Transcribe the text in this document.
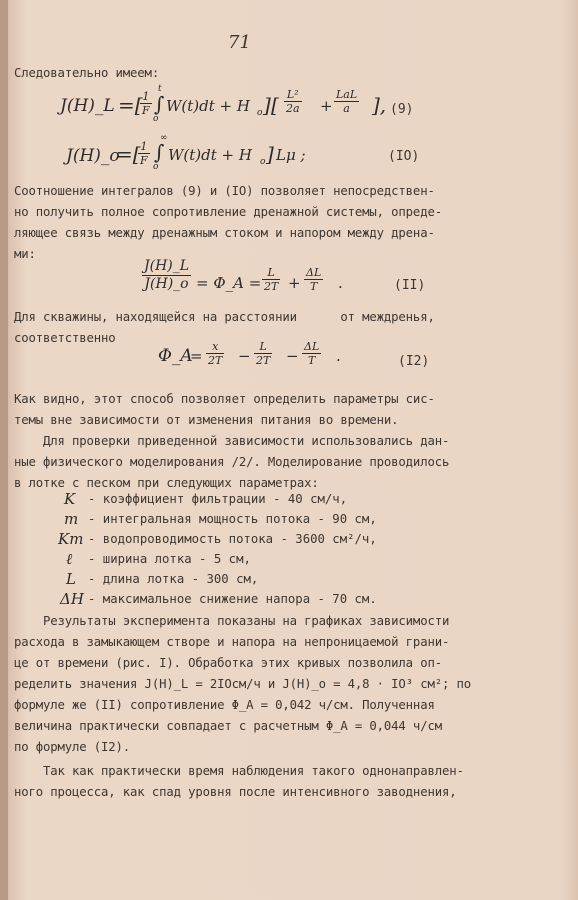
71
Следовательно имеем:
J(H)_L =[
$\frac{1}{F}$
t
∫
o
W(t)dt + H o ] [ $\frac{\text{L²}}{2a}$ +
LaL
a	], (9)
J(H)_o
=[
$\frac{1}{F}$
∞
∫
o
W(t)dt + H o ] Lμ ;	(IO)
Соотношение интегралов (9) и (IO) позволяет непосредствен-
но получить полное сопротивление дренажной системы, опреде-
ляющее связь между дренажным стоком и напором между дрена-
ми:
$\frac{J(H)\_L}{J(H)\_o}$ = Φ_A = $\frac{L}{2T} + \frac{\Delta L}{T}$ .	(II)
Для скважины, находящейся на расстоянии      от междренья,
соответственно
Φ_A
= $\frac{x}{2T} - \frac{L}{2T} - \frac{\Delta L}{T}$ .	(I2)
Как видно, этот способ позволяет определить параметры сис-
темы вне зависимости от изменения питания во времени.
Для проверки приведенной зависимости использовались дан-
ные физического моделирования /2/. Моделирование проводилось
в лотке с песком при следующих параметрах:
K - коэффициент фильтрации - 40 см/ч,
m - интегральная мощность потока - 90 см,
Km - водопроводимость потока - 3600 см²/ч,
ℓ - ширина лотка - 5 см,
L - длина лотка - 300 см,
ΔH - максимальное снижение напора - 70 см.
Результаты эксперимента показаны на графиках зависимости
расхода в замыкающем створе и напора на непроницаемой грани-
це от времени (рис. I). Обработка этих кривых позволила оп-
ределить значения J(H)_L = 2IOсм/ч и J(H)_o = 4,8 · IO³ см²; по
формуле же (II) сопротивление Φ_A = 0,042 ч/см. Полученная
величина практически совпадает с расчетным Φ_A = 0,044 ч/см
по формуле (I2).
Так как практически время наблюдения такого однонаправлен-
ного процесса, как спад уровня после интенсивного заводнения,
